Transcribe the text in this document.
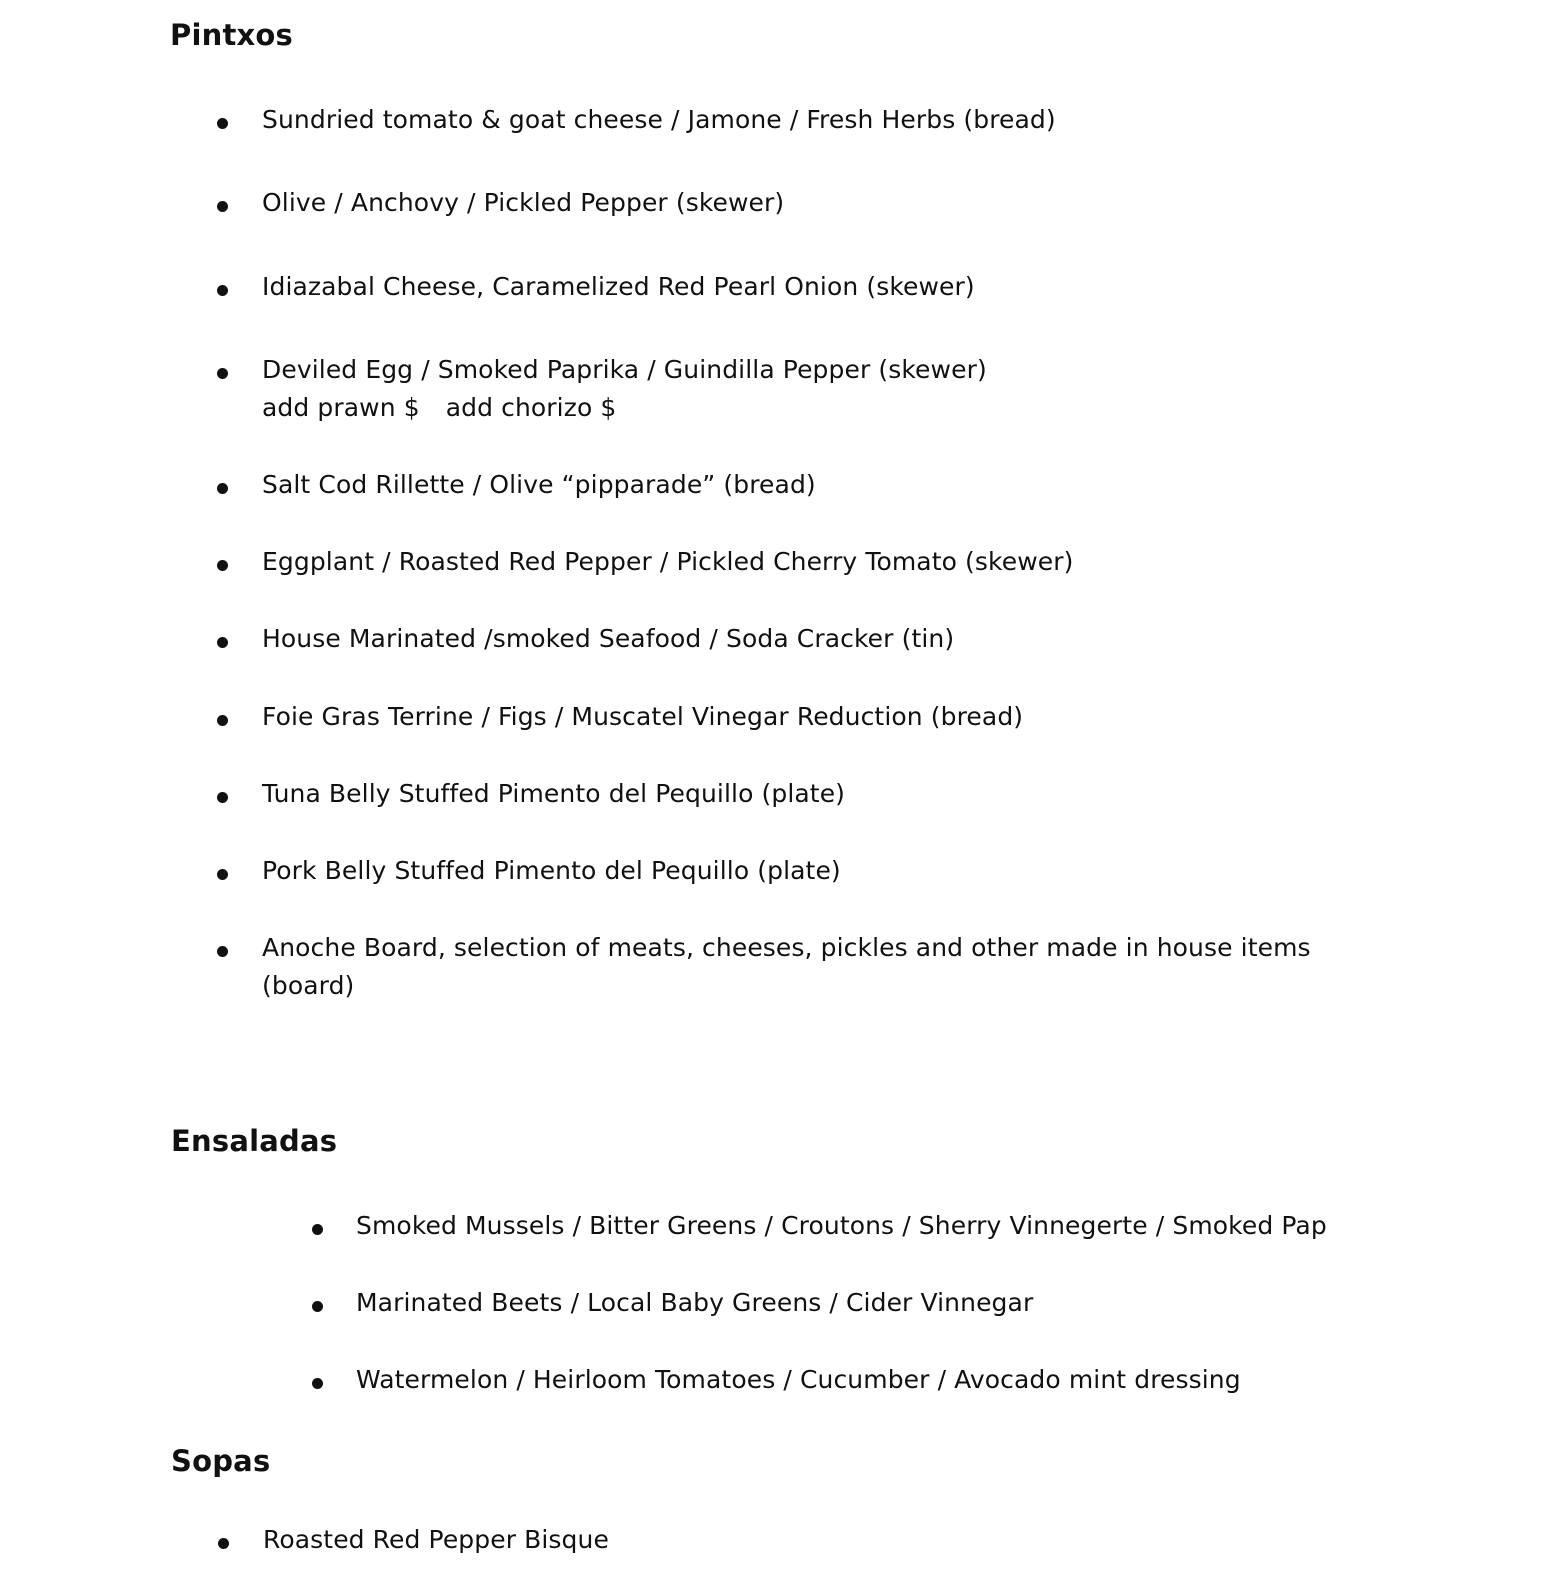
Pintxos
Sundried tomato & goat cheese / Jamone / Fresh Herbs (bread)
Olive / Anchovy / Pickled Pepper (skewer)
Idiazabal Cheese, Caramelized Red Pearl Onion (skewer)
Deviled Egg / Smoked Paprika / Guindilla Pepper (skewer)
add prawn $ add chorizo $
Salt Cod Rillette / Olive “pipparade” (bread)
Eggplant / Roasted Red Pepper / Pickled Cherry Tomato (skewer)
House Marinated /smoked Seafood / Soda Cracker (tin)
Foie Gras Terrine / Figs / Muscatel Vinegar Reduction (bread)
Tuna Belly Stuffed Pimento del Pequillo (plate)
Pork Belly Stuffed Pimento del Pequillo (plate)
Anoche Board, selection of meats, cheeses, pickles and other made in house items
(board)
Ensaladas
Smoked Mussels / Bitter Greens / Croutons / Sherry Vinnegerte / Smoked Pap
Marinated Beets / Local Baby Greens / Cider Vinnegar
Watermelon / Heirloom Tomatoes / Cucumber / Avocado mint dressing
Sopas
Roasted Red Pepper Bisque
